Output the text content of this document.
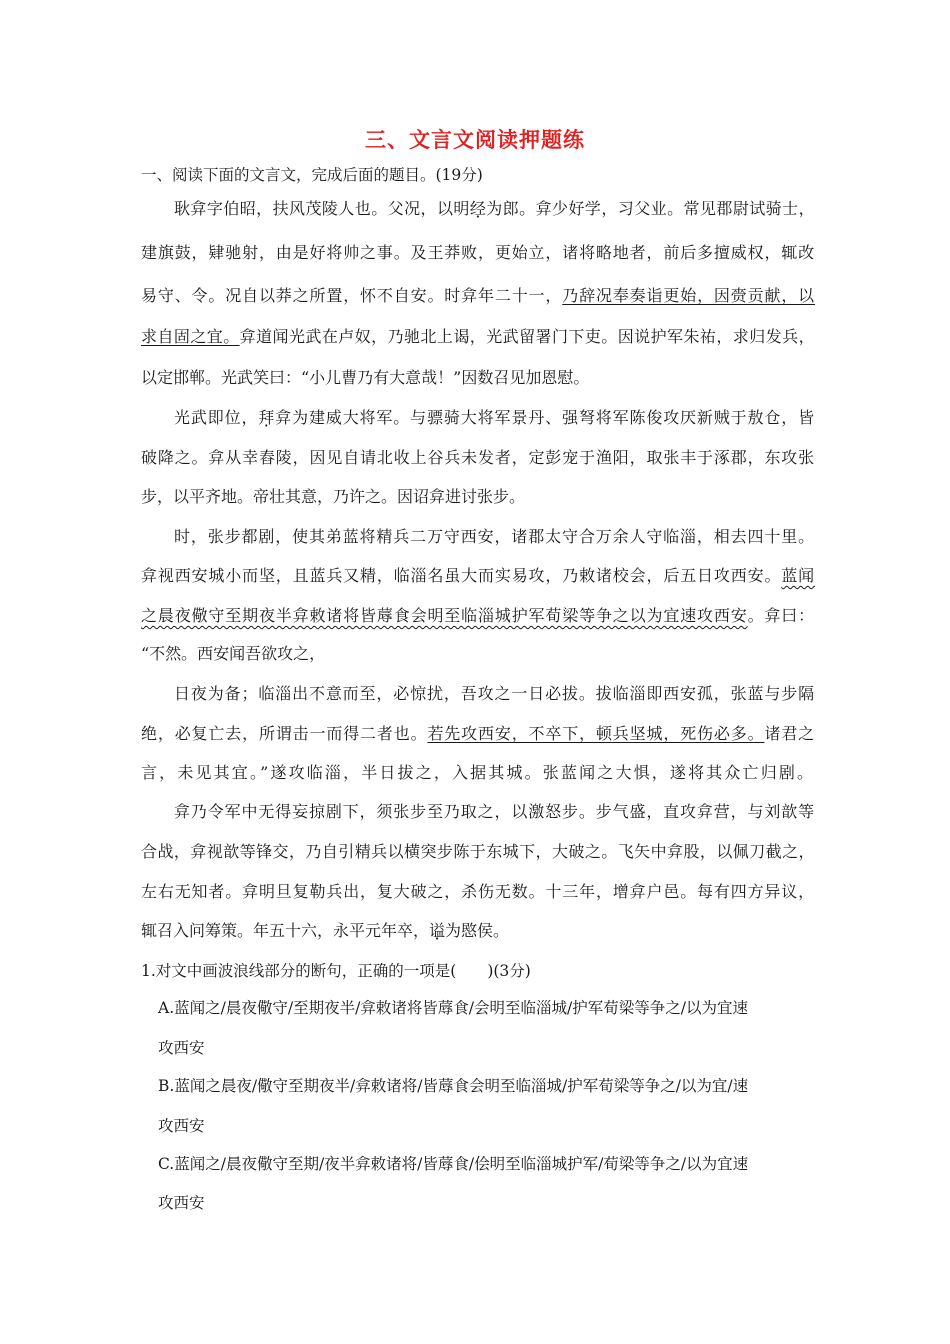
三、文言文阅读押题练
一、阅读下面的文言文，完成后面的题目。(19分)
耿弇字伯昭，扶风茂陵人也。父况，以明经为郎。弇少好学，习父业。常见郡尉试骑士，
建旗鼓，肄驰射，由是好将帅之事。及王莽败，更始立，诸将略地者，前后多擅威权，辄改
易守、令。况自以莽之所置，怀不自安。时弇年二十一，乃辞况奉奏诣更始，因赍贡献，以
求自固之宜。弇道闻光武在卢奴，乃驰北上谒，光武留署门下吏。因说护军朱祐，求归发兵，
以定邯郸。光武笑曰：“小儿曹乃有大意哉！”因数召见加恩慰。
光武即位，拜弇为建威大将军。与骠骑大将军景丹、强弩将军陈俊攻厌新贼于敖仓，皆
破降之。弇从幸舂陵，因见自请北收上谷兵未发者，定彭宠于渔阳，取张丰于涿郡，东攻张
步，以平齐地。帝壮其意，乃许之。因诏弇进讨张步。
时，张步都剧，使其弟蓝将精兵二万守西安，诸郡太守合万余人守临淄，相去四十里。
弇视西安城小而坚，且蓝兵又精，临淄名虽大而实易攻，乃敕诸校会，后五日攻西安。蓝闻
之晨夜儆守至期夜半弇敕诸将皆蓐食会明至临淄城护军荀梁等争之以为宜速攻西安。弇曰：
“不然。西安闻吾欲攻之，
日夜为备；临淄出不意而至，必惊扰，吾攻之一日必拔。拔临淄即西安孤，张蓝与步隔
绝，必复亡去，所谓击一而得二者也。若先攻西安，不卒下，顿兵坚城，死伤必多。诸君之
言，未见其宜。”遂攻临淄，半日拔之，入据其城。张蓝闻之大惧，遂将其众亡归剧。
弇乃令军中无得妄掠剧下，须张步至乃取之，以激怒步。步气盛，直攻弇营，与刘歆等
合战，弇视歆等锋交，乃自引精兵以横突步陈于东城下，大破之。飞矢中弇股，以佩刀截之，
左右无知者。弇明旦复勒兵出，复大破之，杀伤无数。十三年，增弇户邑。每有四方异议，
辄召入问筹策。年五十六，永平元年卒，谥为愍侯。
1.对文中画波浪线部分的断句，正确的一项是(　　)(3分)
A.蓝闻之/晨夜儆守/至期夜半/弇敕诸将皆蓐食/会明至临淄城/护军荀梁等争之/以为宜速
攻西安
B.蓝闻之晨夜/儆守至期夜半/弇敕诸将/皆蓐食会明至临淄城/护军荀梁等争之/以为宜/速
攻西安
C.蓝闻之/晨夜儆守至期/夜半弇敕诸将/皆蓐食/侩明至临淄城护军/荀梁等争之/以为宜速
攻西安
